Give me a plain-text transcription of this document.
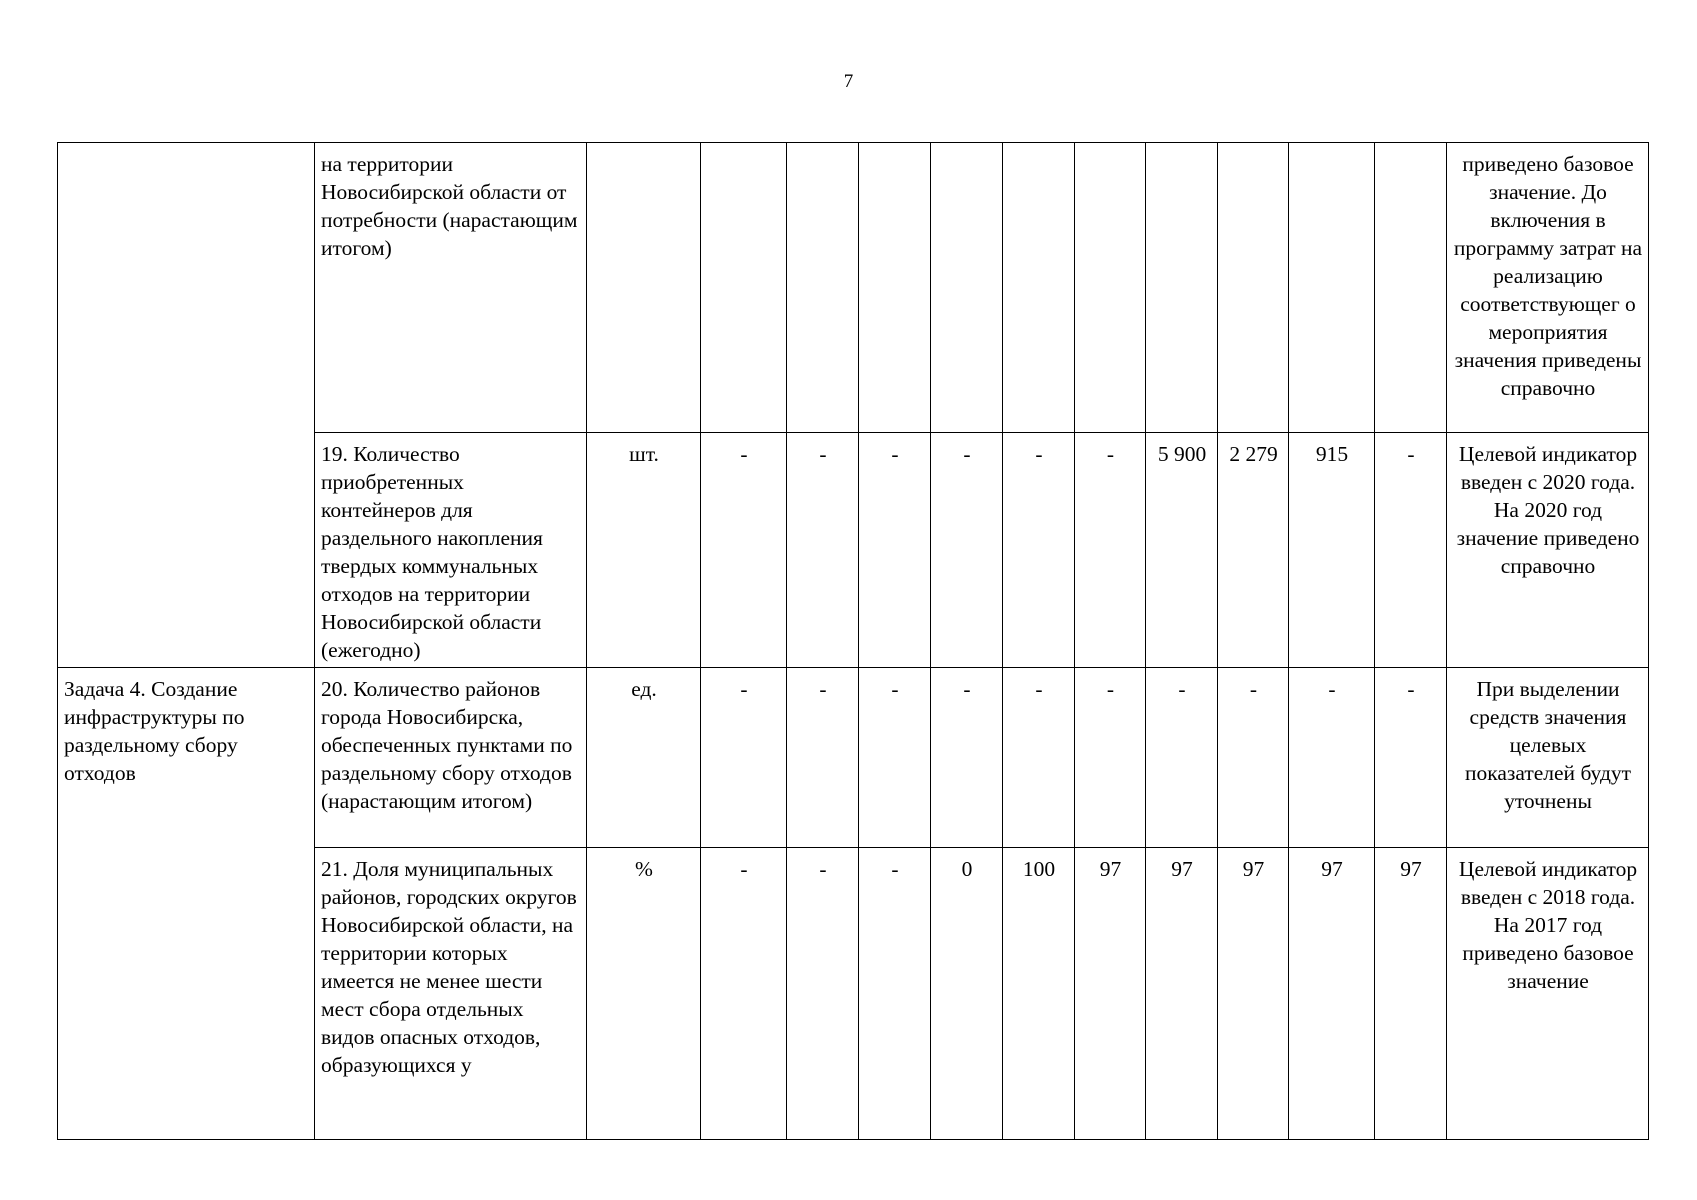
7
	на территории Новосибирской области от потребности (нарастающим итогом)												приведено базовое значение. До включения в программу затрат на реализацию соответствующег о мероприятия значения приведены справочно
	19. Количество приобретенных контейнеров для раздельного накопления твердых коммунальных отходов на территории Новосибирской области (ежегодно)	шт.	-	-	-	-	-	-	5 900	2 279	915	-	Целевой индикатор введен с 2020 года. На 2020 год значение приведено справочно
Задача 4. Создание инфраструктуры по раздельному сбору отходов	20. Количество районов города Новосибирска, обеспеченных пунктами по раздельному сбору отходов (нарастающим итогом)	ед.	-	-	-	-	-	-	-	-	-	-	При выделении средств значения целевых показателей будут уточнены
	21. Доля муниципальных районов, городских округов Новосибирской области, на территории которых имеется не менее шести мест сбора отдельных видов опасных отходов, образующихся у	%	-	-	-	0	100	97	97	97	97	97	Целевой индикатор введен с 2018 года. На 2017 год приведено базовое значение
